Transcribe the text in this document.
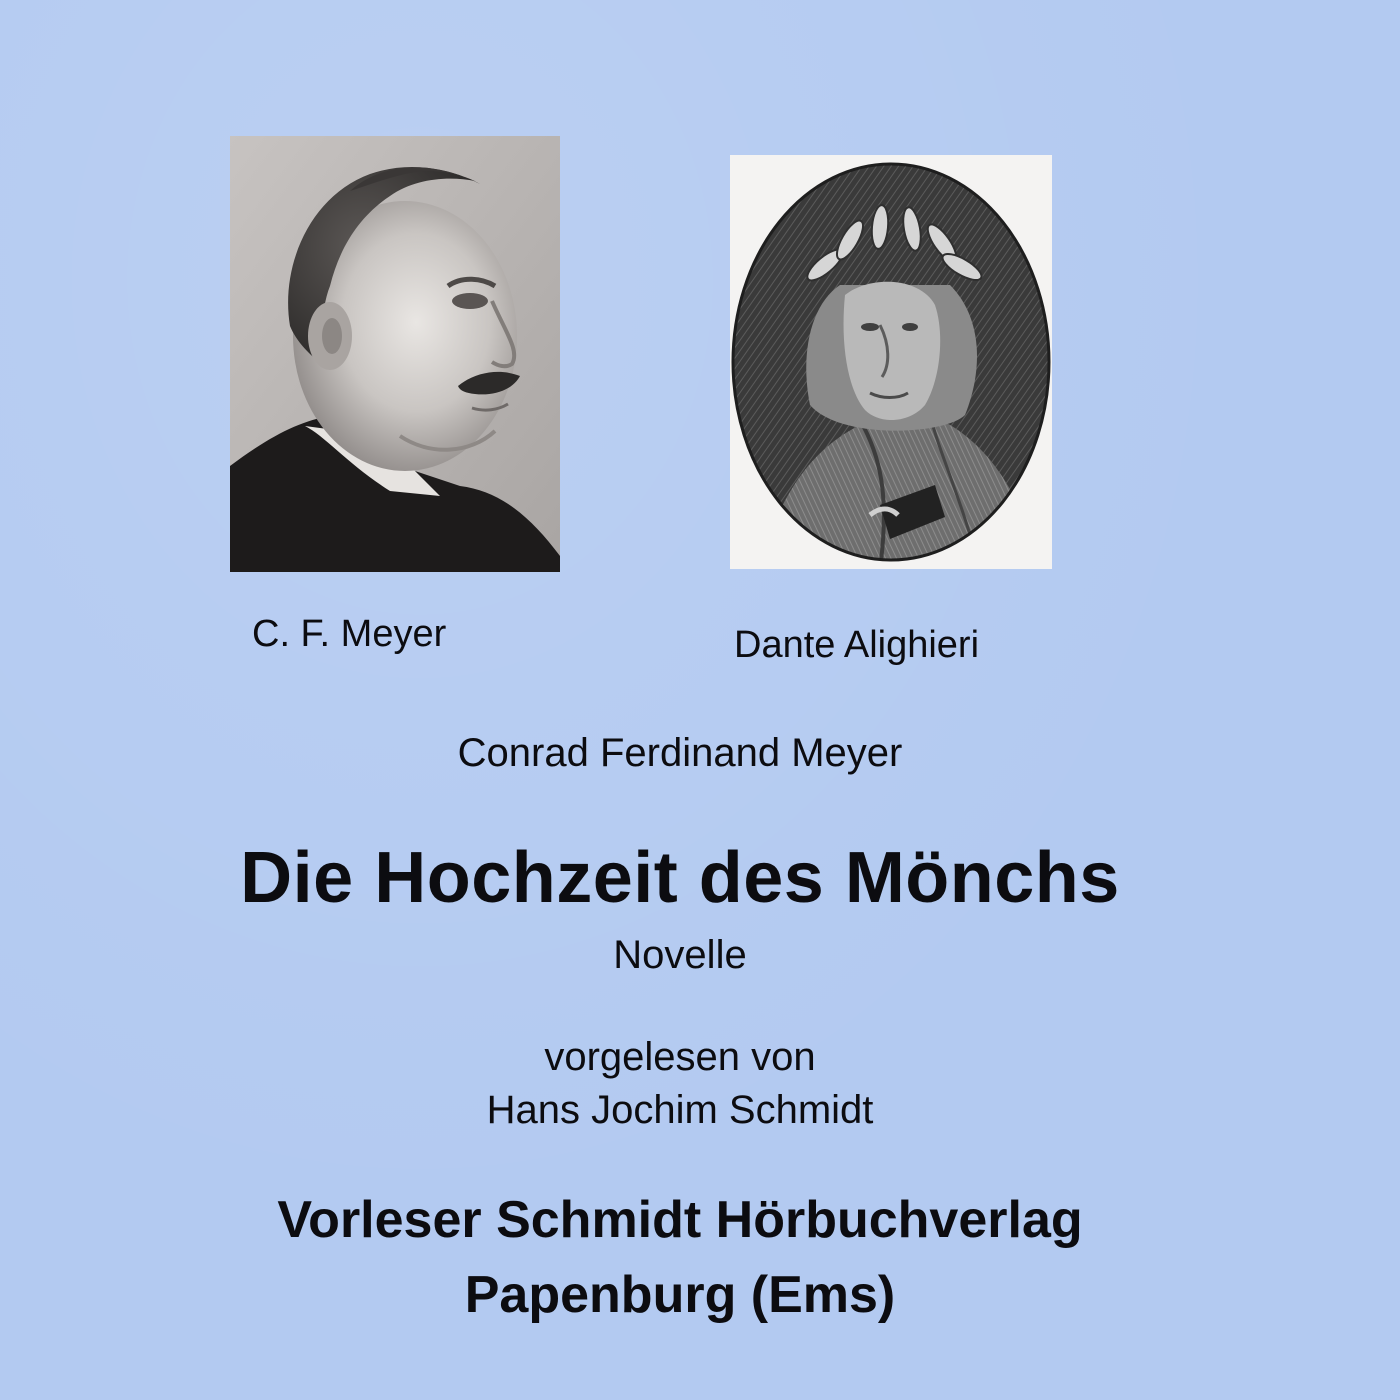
C. F. Meyer	Dante Alighieri
Conrad Ferdinand Meyer
Die Hochzeit des Mönchs
Novelle
vorgelesen von
Hans Jochim Schmidt
Vorleser Schmidt Hörbuchverlag
Papenburg (Ems)
